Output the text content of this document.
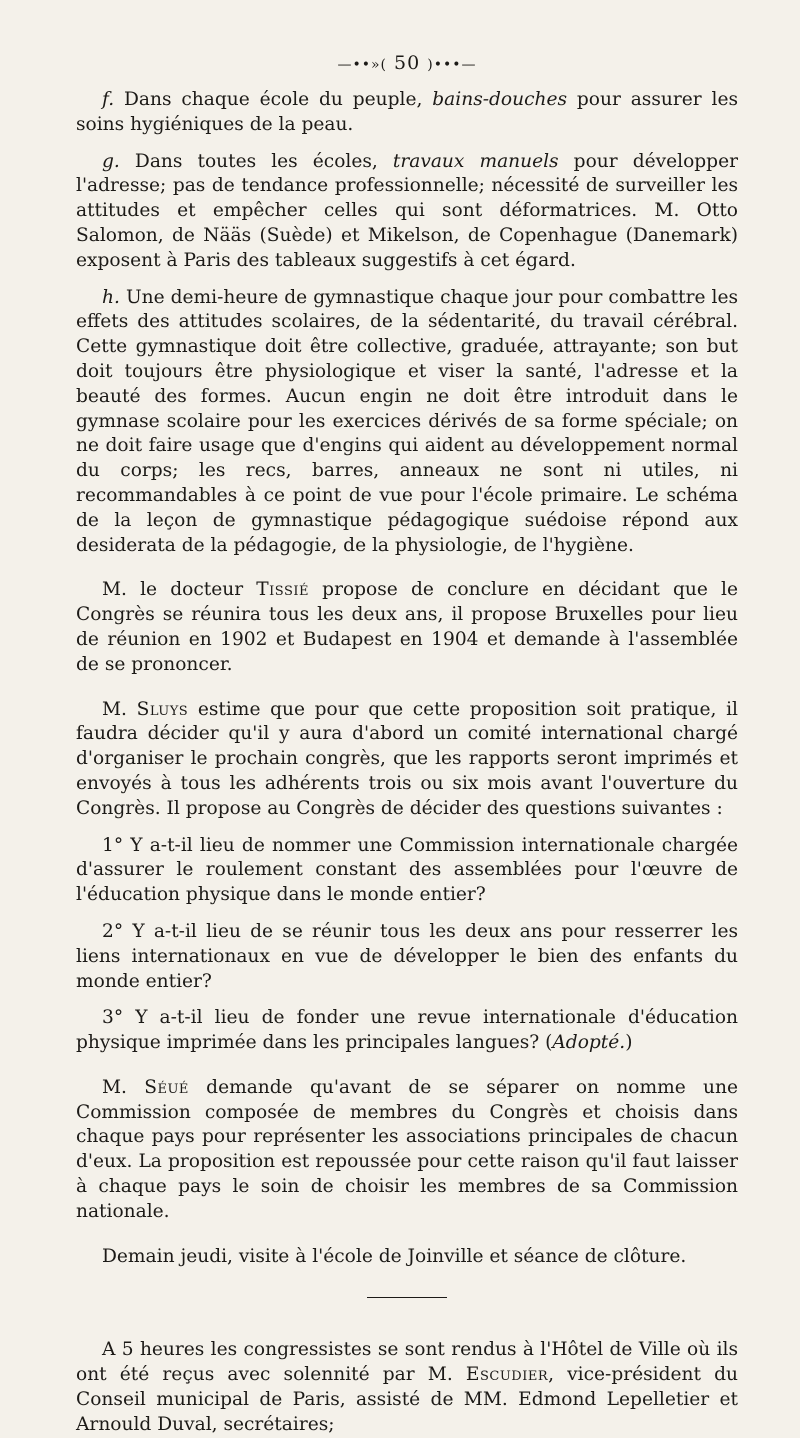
—••»( 50 )•••—

f. Dans chaque école du peuple, bains-douches pour assurer les soins hygiéniques de la peau.

g. Dans toutes les écoles, travaux manuels pour développer l'adresse; pas de tendance professionnelle; nécessité de surveiller les attitudes et empêcher celles qui sont déformatrices. M. Otto Salomon, de Nääs (Suède) et Mikelson, de Copenhague (Danemark) exposent à Paris des tableaux suggestifs à cet égard.

h. Une demi-heure de gymnastique chaque jour pour combattre les effets des attitudes scolaires, de la sédentarité, du travail cérébral. Cette gymnastique doit être collective, graduée, attrayante; son but doit toujours être physiologique et viser la santé, l'adresse et la beauté des formes. Aucun engin ne doit être introduit dans le gymnase scolaire pour les exercices dérivés de sa forme spéciale; on ne doit faire usage que d'engins qui aident au développement normal du corps; les recs, barres, anneaux ne sont ni utiles, ni recommandables à ce point de vue pour l'école primaire. Le schéma de la leçon de gymnastique pédagogique suédoise répond aux desiderata de la pédagogie, de la physiologie, de l'hygiène.

M. le docteur Tissié propose de conclure en décidant que le Congrès se réunira tous les deux ans, il propose Bruxelles pour lieu de réunion en 1902 et Budapest en 1904 et demande à l'assemblée de se prononcer.

M. Sluys estime que pour que cette proposition soit pratique, il faudra décider qu'il y aura d'abord un comité international chargé d'organiser le prochain congrès, que les rapports seront imprimés et envoyés à tous les adhérents trois ou six mois avant l'ouverture du Congrès. Il propose au Congrès de décider des questions suivantes :

1° Y a-t-il lieu de nommer une Commission internationale chargée d'assurer le roulement constant des assemblées pour l'œuvre de l'éducation physique dans le monde entier?

2° Y a-t-il lieu de se réunir tous les deux ans pour resserrer les liens internationaux en vue de développer le bien des enfants du monde entier?

3° Y a-t-il lieu de fonder une revue internationale d'éducation physique imprimée dans les principales langues? (Adopté.)

M. Séué demande qu'avant de se séparer on nomme une Commission composée de membres du Congrès et choisis dans chaque pays pour représenter les associations principales de chacun d'eux. La proposition est repoussée pour cette raison qu'il faut laisser à chaque pays le soin de choisir les membres de sa Commission nationale.

Demain jeudi, visite à l'école de Joinville et séance de clôture.

A 5 heures les congressistes se sont rendus à l'Hôtel de Ville où ils ont été reçus avec solennité par M. Escudier, vice-président du Conseil municipal de Paris, assisté de MM. Edmond Lepelletier et Arnould Duval, secrétaires;
